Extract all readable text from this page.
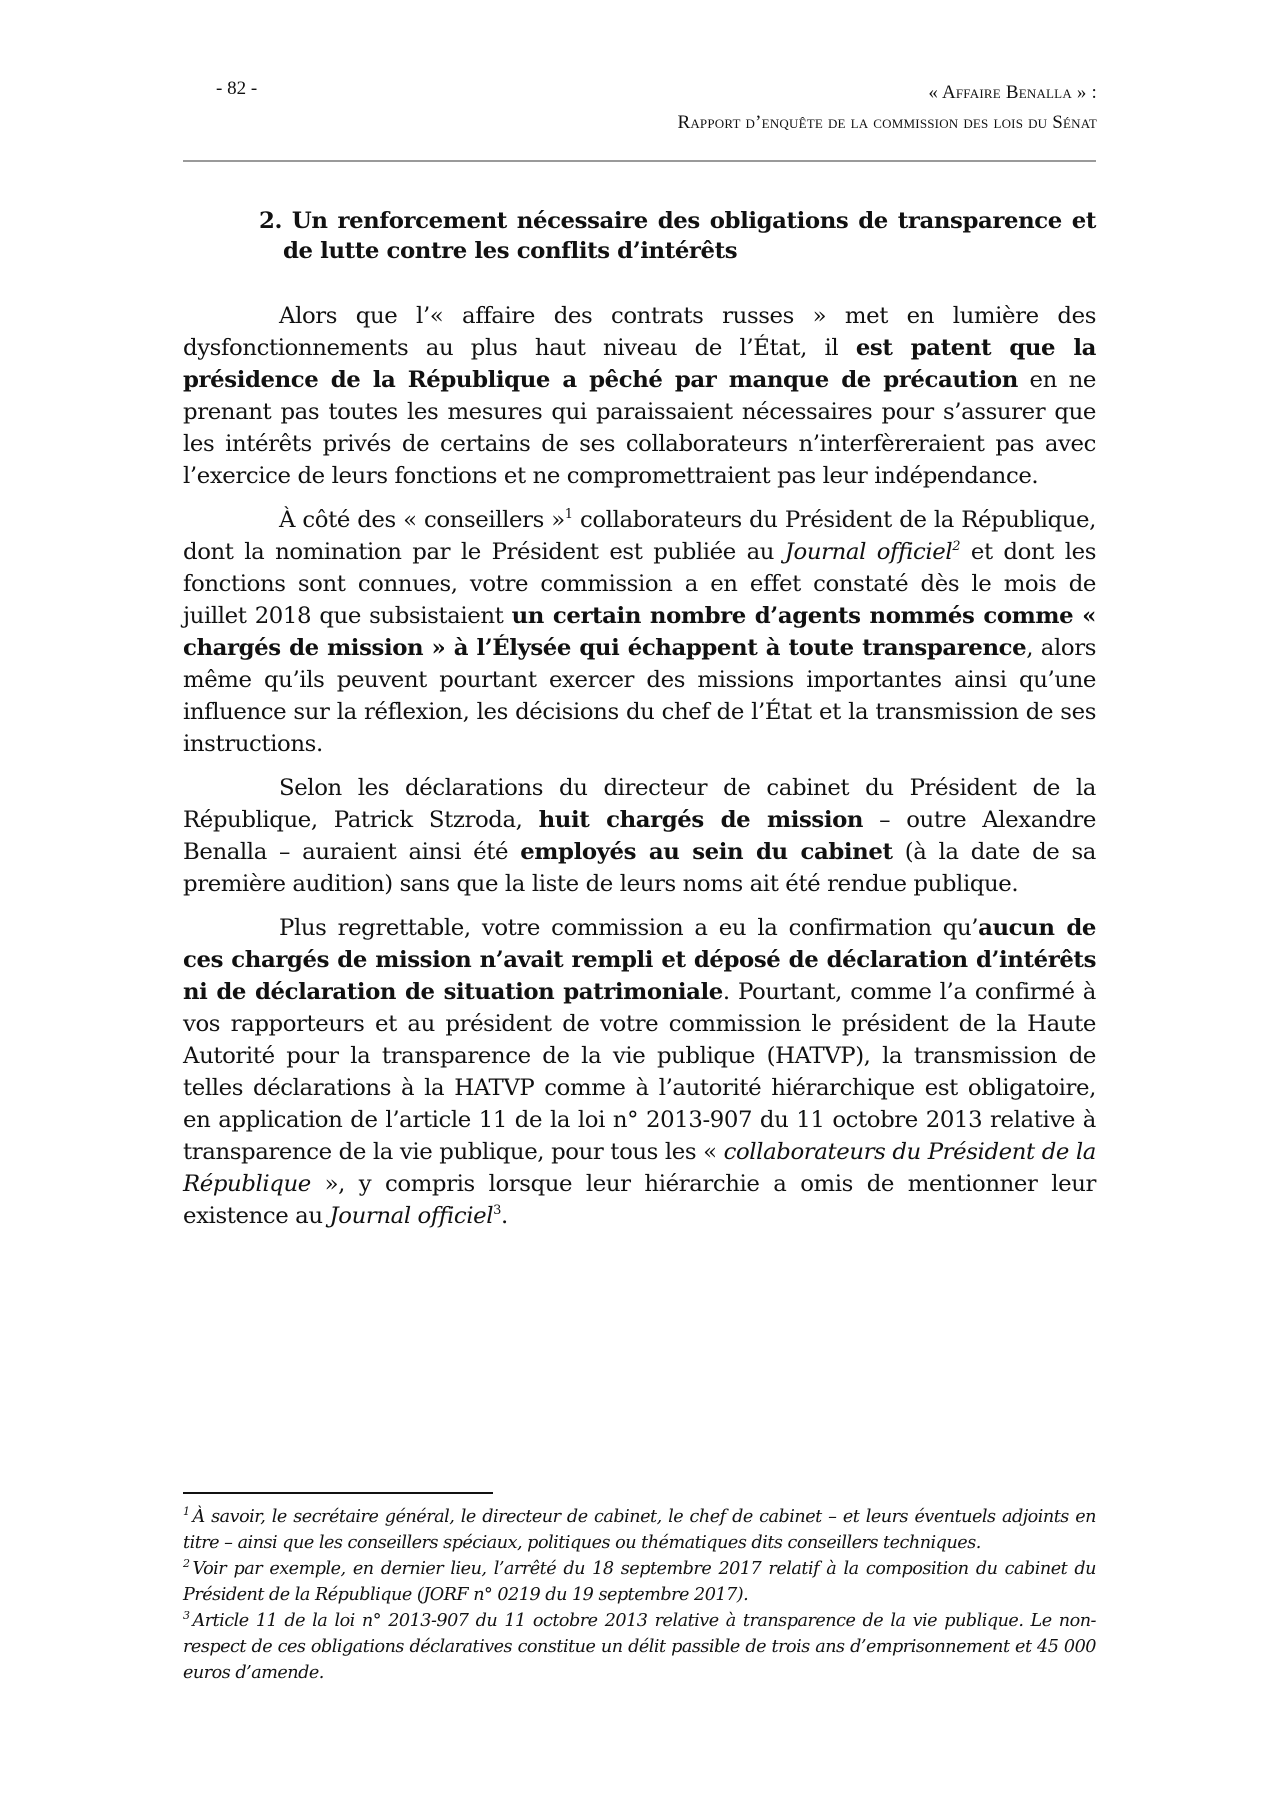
- 82 -	« Affaire Benalla » :
Rapport d’enquête de la commission des lois du Sénat

2. Un renforcement nécessaire des obligations de transparence et de lutte contre les conflits d’intérêts

Alors que l’« affaire des contrats russes » met en lumière des dysfonctionnements au plus haut niveau de l’État, il est patent que la présidence de la République a pêché par manque de précaution en ne prenant pas toutes les mesures qui paraissaient nécessaires pour s’assurer que les intérêts privés de certains de ses collaborateurs n’interfèreraient pas avec l’exercice de leurs fonctions et ne compromettraient pas leur indépendance.

À côté des « conseillers »$^1$ collaborateurs du Président de la République, dont la nomination par le Président est publiée au Journal officiel$^2$ et dont les fonctions sont connues, votre commission a en effet constaté dès le mois de juillet 2018 que subsistaient un certain nombre d’agents nommés comme « chargés de mission » à l’Élysée qui échappent à toute transparence, alors même qu’ils peuvent pourtant exercer des missions importantes ainsi qu’une influence sur la réflexion, les décisions du chef de l’État et la transmission de ses instructions.

Selon les déclarations du directeur de cabinet du Président de la République, Patrick Stzroda, huit chargés de mission – outre Alexandre Benalla – auraient ainsi été employés au sein du cabinet (à la date de sa première audition) sans que la liste de leurs noms ait été rendue publique.

Plus regrettable, votre commission a eu la confirmation qu’aucun de ces chargés de mission n’avait rempli et déposé de déclaration d’intérêts ni de déclaration de situation patrimoniale. Pourtant, comme l’a confirmé à vos rapporteurs et au président de votre commission le président de la Haute Autorité pour la transparence de la vie publique (HATVP), la transmission de telles déclarations à la HATVP comme à l’autorité hiérarchique est obligatoire, en application de l’article 11 de la loi n° 2013-907 du 11 octobre 2013 relative à transparence de la vie publique, pour tous les « collaborateurs du Président de la République », y compris lorsque leur hiérarchie a omis de mentionner leur existence au Journal officiel$^3$.

$^1$ À savoir, le secrétaire général, le directeur de cabinet, le chef de cabinet – et leurs éventuels adjoints en titre – ainsi que les conseillers spéciaux, politiques ou thématiques dits conseillers techniques.

$^2$ Voir par exemple, en dernier lieu, l’arrêté du 18 septembre 2017 relatif à la composition du cabinet du Président de la République (JORF n° 0219 du 19 septembre 2017).

$^3$ Article 11 de la loi n° 2013-907 du 11 octobre 2013 relative à transparence de la vie publique. Le non-respect de ces obligations déclaratives constitue un délit passible de trois ans d’emprisonnement et 45 000 euros d’amende.
